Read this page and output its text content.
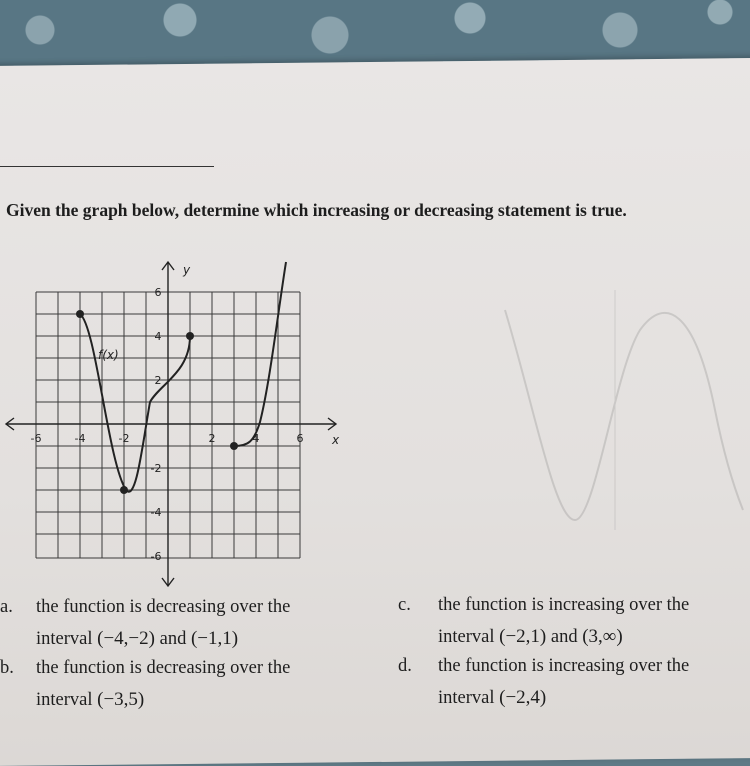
Given the graph below, determine which increasing or decreasing statement is true.
-6	-4	-2	2	4	6
6
4
2
-2
-4
-6
y
x
f(x)
a. the function is decreasing over the
interval (−4,−2) and (−1,1)
b. the function is decreasing over the
interval (−3,5)
c. the function is increasing over the
interval (−2,1) and (3,∞)
d. the function is increasing over the
interval (−2,4)
